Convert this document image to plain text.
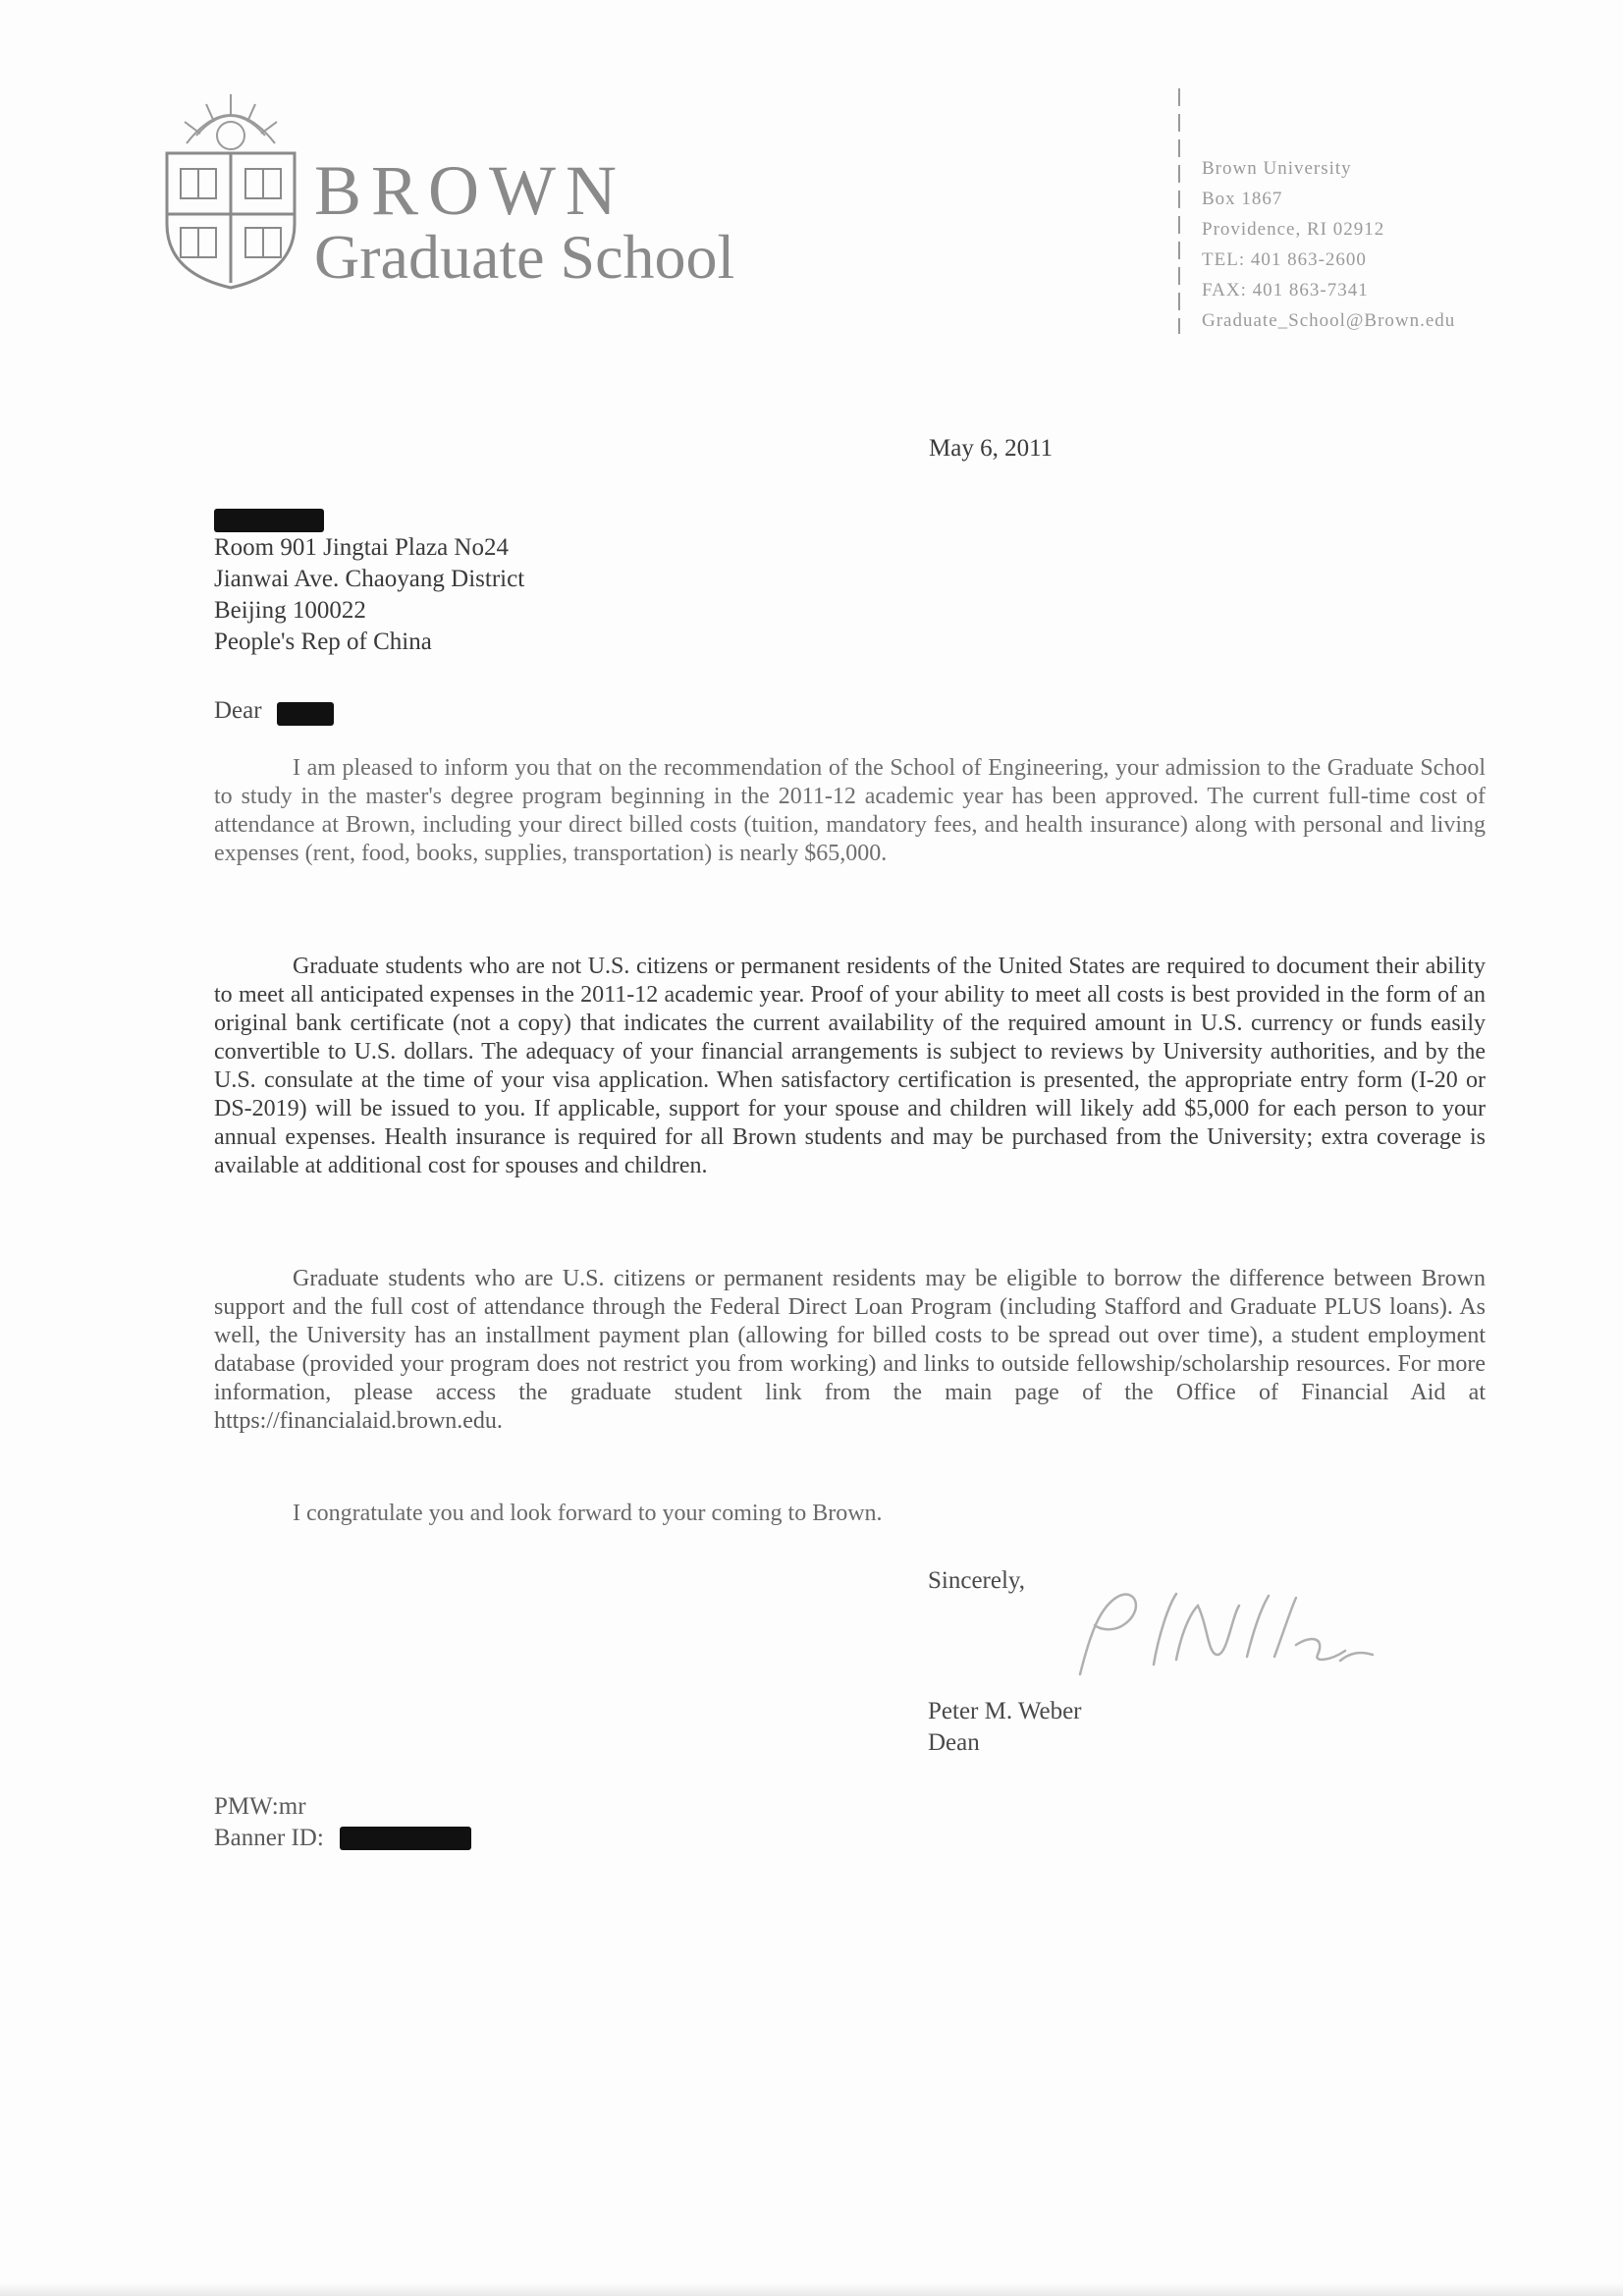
BROWN
Graduate School
Brown University
Box 1867
Providence, RI 02912
TEL: 401 863-2600
FAX: 401 863-7341
Graduate_School@Brown.edu
May 6, 2011
Room 901 Jingtai Plaza No24
Jianwai Ave. Chaoyang District
Beijing 100022
People's Rep of China
Dear

I am pleased to inform you that on the recommendation of the School of Engineering, your admission to the Graduate School to study in the master's degree program beginning in the 2011-12 academic year has been approved. The current full-time cost of attendance at Brown, including your direct billed costs (tuition, mandatory fees, and health insurance) along with personal and living expenses (rent, food, books, supplies, transportation) is nearly $65,000.

Graduate students who are not U.S. citizens or permanent residents of the United States are required to document their ability to meet all anticipated expenses in the 2011-12 academic year. Proof of your ability to meet all costs is best provided in the form of an original bank certificate (not a copy) that indicates the current availability of the required amount in U.S. currency or funds easily convertible to U.S. dollars. The adequacy of your financial arrangements is subject to reviews by University authorities, and by the U.S. consulate at the time of your visa application. When satisfactory certification is presented, the appropriate entry form (I-20 or DS-2019) will be issued to you. If applicable, support for your spouse and children will likely add $5,000 for each person to your annual expenses. Health insurance is required for all Brown students and may be purchased from the University; extra coverage is available at additional cost for spouses and children.

Graduate students who are U.S. citizens or permanent residents may be eligible to borrow the difference between Brown support and the full cost of attendance through the Federal Direct Loan Program (including Stafford and Graduate PLUS loans). As well, the University has an installment payment plan (allowing for billed costs to be spread out over time), a student employment database (provided your program does not restrict you from working) and links to outside fellowship/scholarship resources. For more information, please access the graduate student link from the main page of the Office of Financial Aid at https://financialaid.brown.edu.

I congratulate you and look forward to your coming to Brown.

Sincerely,
Peter M. Weber
Dean
PMW:mr
Banner ID:
